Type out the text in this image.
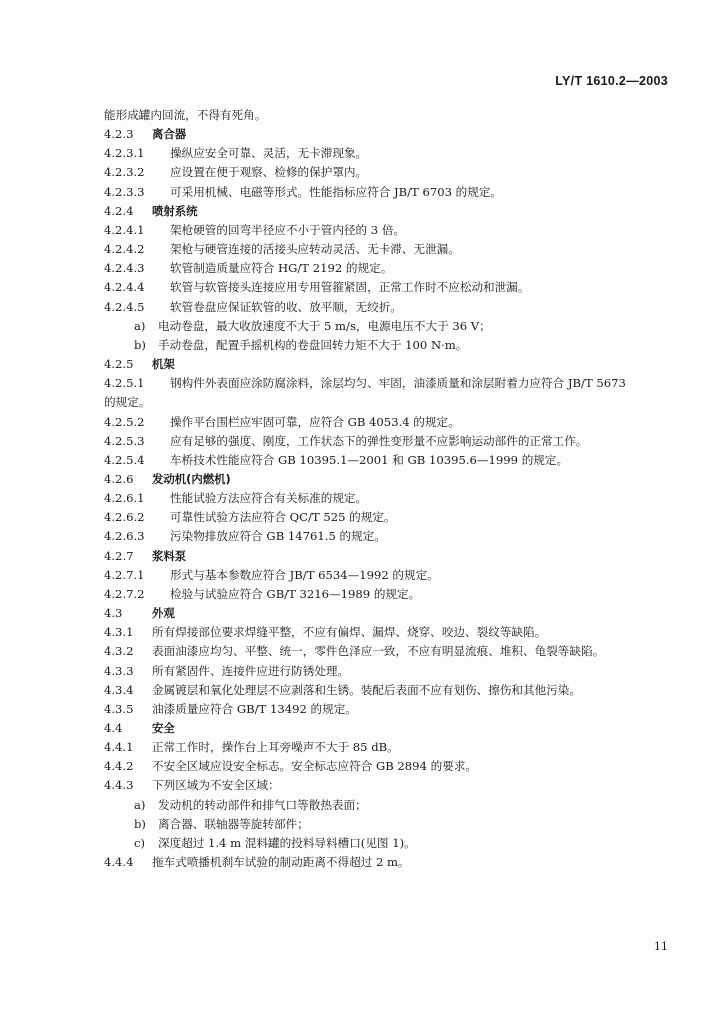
LY/T 1610.2—2003
能形成罐内回流，不得有死角。
4.2.3 离合器
4.2.3.1 操纵应安全可靠、灵活，无卡滞现象。
4.2.3.2 应设置在便于观察、检修的保护罩内。
4.2.3.3 可采用机械、电磁等形式。性能指标应符合 JB/T 6703 的规定。
4.2.4 喷射系统
4.2.4.1 架枪硬管的回弯半径应不小于管内径的 3 倍。
4.2.4.2 架枪与硬管连接的活接头应转动灵活、无卡滞、无泄漏。
4.2.4.3 软管制造质量应符合 HG/T 2192 的规定。
4.2.4.4 软管与软管接头连接应用专用管箍紧固，正常工作时不应松动和泄漏。
4.2.4.5 软管卷盘应保证软管的收、放平顺，无绞折。
a) 电动卷盘，最大收放速度不大于 5 m/s，电源电压不大于 36 V；
b) 手动卷盘，配置手摇机构的卷盘回转力矩不大于 100 N·m。
4.2.5 机架
4.2.5.1 钢构件外表面应涂防腐涂料，涂层均匀、牢固，油漆质量和涂层附着力应符合 JB/T 5673
的规定。
4.2.5.2 操作平台围栏应牢固可靠，应符合 GB 4053.4 的规定。
4.2.5.3 应有足够的强度、刚度，工作状态下的弹性变形量不应影响运动部件的正常工作。
4.2.5.4 车桥技术性能应符合 GB 10395.1—2001 和 GB 10395.6—1999 的规定。
4.2.6 发动机(内燃机)
4.2.6.1 性能试验方法应符合有关标准的规定。
4.2.6.2 可靠性试验方法应符合 QC/T 525 的规定。
4.2.6.3 污染物排放应符合 GB 14761.5 的规定。
4.2.7 浆料泵
4.2.7.1 形式与基本参数应符合 JB/T 6534—1992 的规定。
4.2.7.2 检验与试验应符合 GB/T 3216—1989 的规定。
4.3	外观
4.3.1 所有焊接部位要求焊缝平整，不应有偏焊、漏焊、烧穿、咬边、裂纹等缺陷。
4.3.2 表面油漆应均匀、平整、统一，零件色泽应一致，不应有明显流痕、堆积、龟裂等缺陷。
4.3.3 所有紧固件、连接件应进行防锈处理。
4.3.4 金属镀层和氧化处理层不应剥落和生锈。装配后表面不应有划伤、擦伤和其他污染。
4.3.5 油漆质量应符合 GB/T 13492 的规定。
4.4	安全
4.4.1 正常工作时，操作台上耳旁噪声不大于 85 dB。
4.4.2 不安全区域应设安全标志。安全标志应符合 GB 2894 的要求。
4.4.3 下列区域为不安全区域：
a) 发动机的转动部件和排气口等散热表面；
b) 离合器、联轴器等旋转部件；
c) 深度超过 1.4 m 混料罐的投料导料槽口(见图 1)。
4.4.4 拖车式喷播机刹车试验的制动距离不得超过 2 m。
11
